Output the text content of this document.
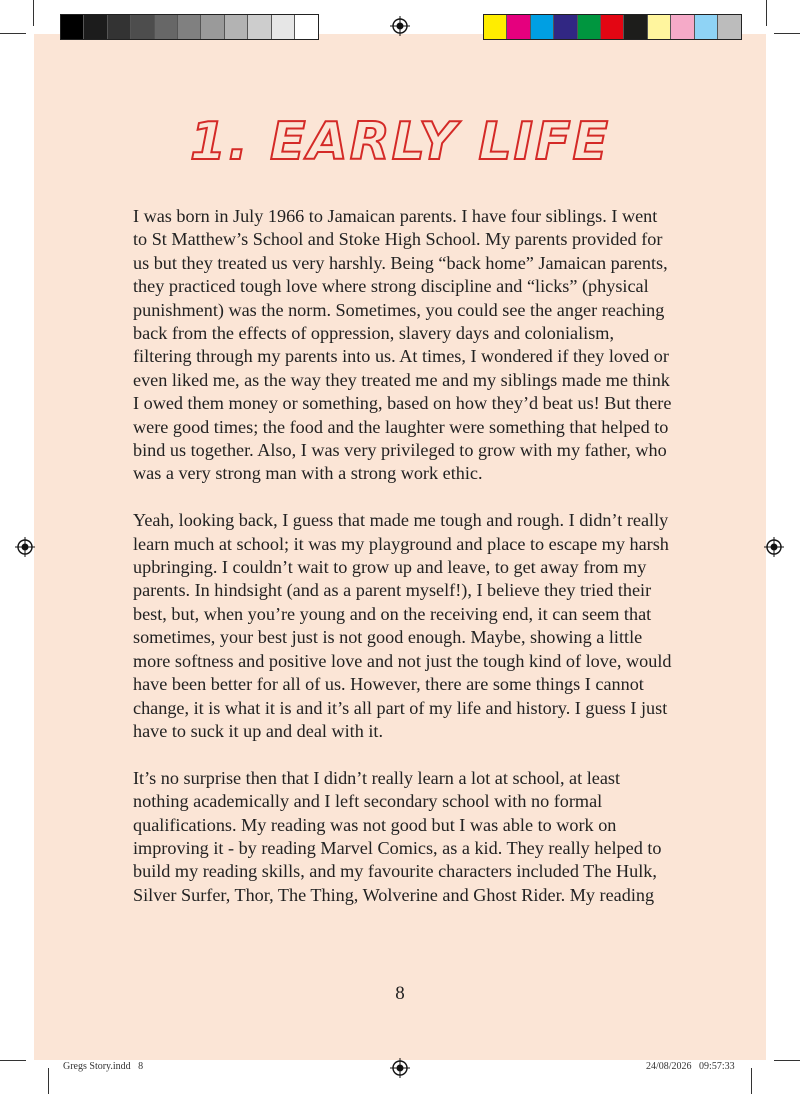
1. EARLY LIFE

I was born in July 1966 to Jamaican parents. I have four siblings. I went to St Matthew’s School and Stoke High School. My parents provided for us but they treated us very harshly. Being “back home” Jamaican parents, they practiced tough love where strong discipline and “licks” (physical punishment) was the norm. Sometimes, you could see the anger reaching back from the effects of oppression, slavery days and colonialism, filtering through my parents into us. At times, I wondered if they loved or even liked me, as the way they treated me and my siblings made me think I owed them money or something, based on how they’d beat us! But there were good times; the food and the laughter were something that helped to bind us together. Also, I was very privileged to grow with my father, who was a very strong man with a strong work ethic.

Yeah, looking back, I guess that made me tough and rough. I didn’t really learn much at school; it was my playground and place to escape my harsh upbringing. I couldn’t wait to grow up and leave, to get away from my parents. In hindsight (and as a parent myself!), I believe they tried their best, but, when you’re young and on the receiving end, it can seem that sometimes, your best just is not good enough. Maybe, showing a little more softness and positive love and not just the tough kind of love, would have been better for all of us. However, there are some things I cannot change, it is what it is and it’s all part of my life and history. I guess I just have to suck it up and deal with it.

It’s no surprise then that I didn’t really learn a lot at school, at least nothing academically and I left secondary school with no formal qualifications. My reading was not good but I was able to work on improving it - by reading Marvel Comics, as a kid. They really helped to build my reading skills, and my favourite characters included The Hulk, Silver Surfer, Thor, The Thing, Wolverine and Ghost Rider. My reading

8
Gregs Story.indd   8	24/08/2026   09:57:33
